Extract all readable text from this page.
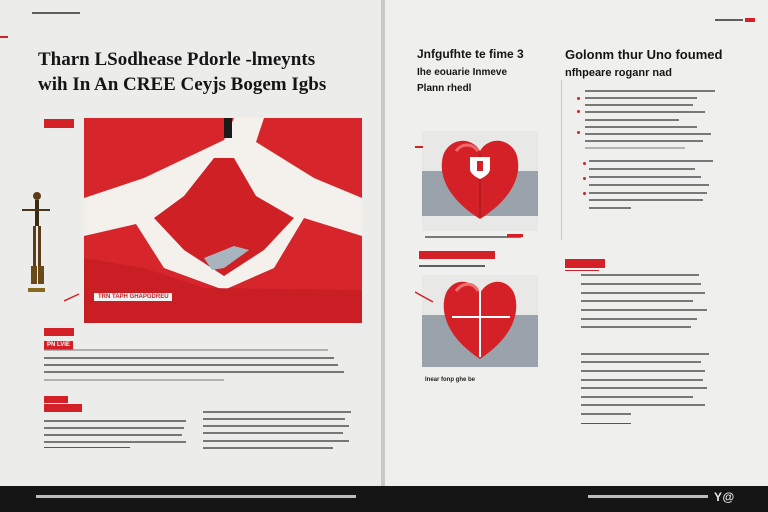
Tharn LSodhease Pdorle -lmeynts
wih In An CREE Ceyjs Bogem Igbs
TRN TAPH GHAPGDREU
PN LVIE
Jnfgufhte te fime 3
Ihe eouarie Inmeve
Plann rhedl
Golonm thur Uno foumed
nfhpeare roganr nad
Inear fonp ghe be
Y@
